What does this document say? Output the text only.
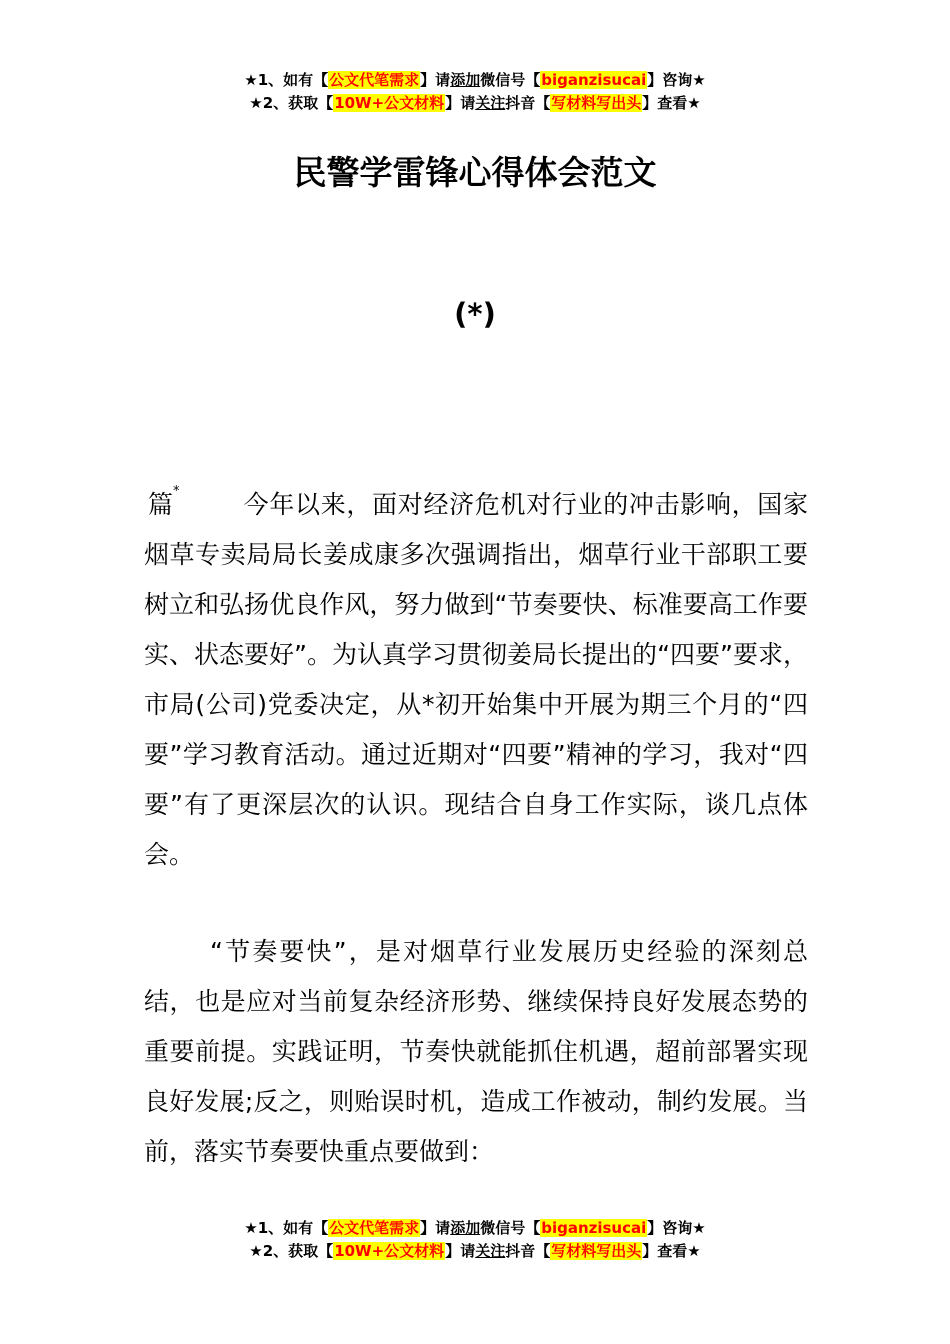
★1、如有【公文代笔需求】请添加微信号【biganzisucai】咨询★
★2、获取【10W+公文材料】请关注抖音【写材料写出头】查看★
民警学雷锋心得体会范文
(*)

篇*	今年以来，面对经济危机对行业的冲击影响，国家烟草专卖局局长姜成康多次强调指出，烟草行业干部职工要树立和弘扬优良作风，努力做到“节奏要快、标准要高工作要实、状态要好”。为认真学习贯彻姜局长提出的“四要”要求，市局(公司)党委决定，从*初开始集中开展为期三个月的“四要”学习教育活动。通过近期对“四要”精神的学习，我对“四要”有了更深层次的认识。现结合自身工作实际，谈几点体会。

“节奏要快”，是对烟草行业发展历史经验的深刻总结，也是应对当前复杂经济形势、继续保持良好发展态势的重要前提。实践证明，节奏快就能抓住机遇，超前部署实现良好发展;反之，则贻误时机，造成工作被动，制约发展。当前，落实节奏要快重点要做到：

★1、如有【公文代笔需求】请添加微信号【biganzisucai】咨询★
★2、获取【10W+公文材料】请关注抖音【写材料写出头】查看★
